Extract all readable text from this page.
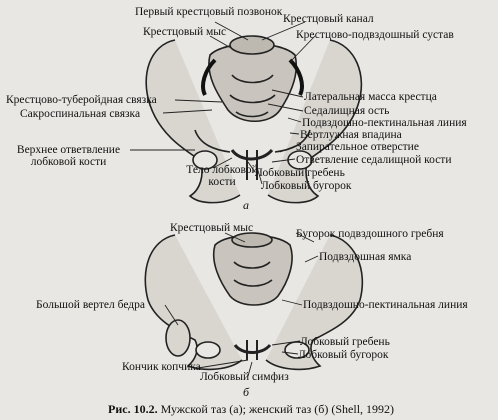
Первый крестцовый позвонок
Крестцовый канал
Крестцовый мыс	Крестцово-подвздошный сустав
Крестцово-туберойдная связка
Сакроспинальная связка
Латеральная масса крестца
Седалищная ость
Подвздошно-пектинальная линия
Вертлужная впадина
Запирательное отверстие
Ответвление седалищной кости
Верхнее ответвление лобковой кости
Тело лобковой кости
Лобковый гребень
Лобковый бугорок
а
Крестцовый мыс	Бугорок подвздошного гребня
Подвздошная ямка
Большой вертел бедра	Подвздошно-пектинальная линия
Лобковый гребень
Лобковый бугорок
Кончик копчика
Лобковый симфиз
б
Рис. 10.2. Мужской таз (а); женский таз (б) (Shell, 1992)
